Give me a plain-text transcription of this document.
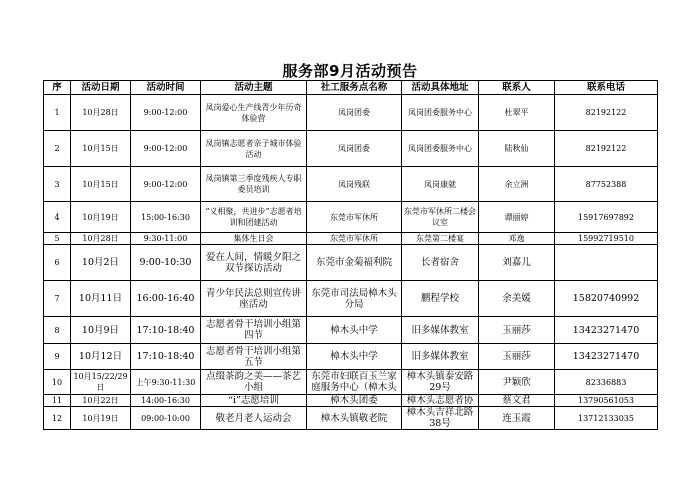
服务部9月活动预告
序	活动日期	活动时间	活动主题	社工服务点名称	活动具体地址	联系人	联系电话
1	10月28日	9:00-12:00	凤岗爱心生产线青少年历奇体验营	凤岗团委	凤岗团委服务中心	杜翠平	82192122
2	10月15日	9:00-12:00	凤岗镇志愿者亲子城市体验活动	凤岗团委	凤岗团委服务中心	陆秋仙	82192122
3	10月15日	9:00-12:00	凤岗镇第三季度残疾人专职委员培训	凤岗残联	凤岗康就	余立洲	87752388
4	10月19日	15:00-16:30	“义相聚，共进步”志愿者培训和团建活动	东莞市军休所	东莞市军休所二楼会议室	谭丽婷	15917697892
5	10月28日	9:30-11:00	集体生日会	东莞市军休所	东莞第二楼宴	邓逸	15992719510
6	10月2日	9:00-10:30	爱在人间，情暖夕阳之双节探访活动	东莞市金菊福利院	长者宿舍	刘嘉儿	
7	10月11日	16:00-16:40	青少年民法总则宣传讲座活动	东莞市司法局樟木头分局	鹏程学校	余美媛	15820740992
8	10月9日	17:10-18:40	志愿者骨干培训小组第四节	樟木头中学	旧多媒体教室	玉丽莎	13423271470
9	10月12日	17:10-18:40	志愿者骨干培训小组第五节	樟木头中学	旧多媒体教室	玉丽莎	13423271470
10	10月15/22/29日	上午9:30-11:30	点缀茶韵之美——茶艺小组	东莞市妇联百玉兰家庭服务中心（樟木头	樟木头镇泰安路29号	尹颖欣	82336883
11	10月22日	14:00-16:30	“i”志愿培训	樟木头团委	樟木头志愿者协	蔡文君	13790561053
12	10月19日	09:00-10:00	敬老月老人运动会	樟木头镇敬老院	樟木头吉祥北路38号	连玉霞	13712133035
